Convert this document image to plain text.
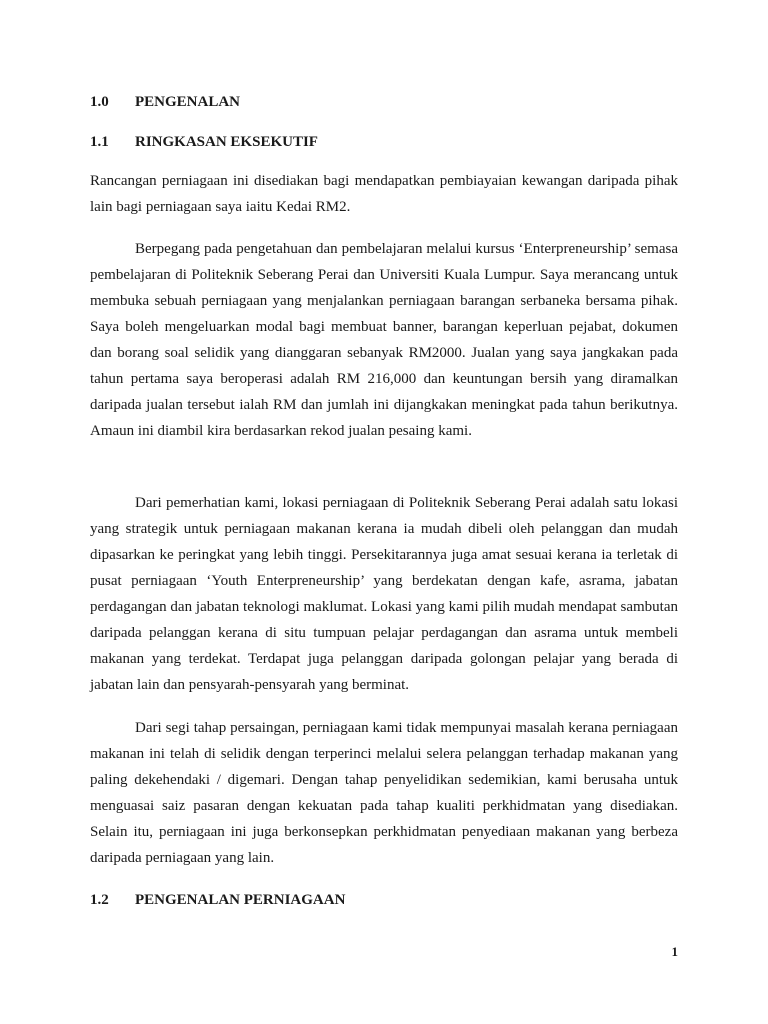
1.0 PENGENALAN
1.1 RINGKASAN EKSEKUTIF

Rancangan perniagaan ini disediakan bagi mendapatkan pembiayaian kewangan daripada pihak lain bagi perniagaan saya iaitu Kedai RM2.

Berpegang pada pengetahuan dan pembelajaran melalui kursus ‘Enterpreneurship’ semasa pembelajaran di Politeknik Seberang Perai dan Universiti Kuala Lumpur. Saya merancang untuk membuka sebuah perniagaan yang menjalankan perniagaan barangan serbaneka bersama pihak. Saya boleh mengeluarkan modal bagi membuat banner, barangan keperluan pejabat, dokumen dan borang soal selidik yang dianggaran sebanyak RM2000. Jualan yang saya jangkakan pada tahun pertama saya beroperasi adalah RM 216,000 dan keuntungan bersih yang diramalkan daripada jualan tersebut ialah RM dan jumlah ini dijangkakan meningkat pada tahun berikutnya. Amaun ini diambil kira berdasarkan rekod jualan pesaing kami.

Dari pemerhatian kami, lokasi perniagaan di Politeknik Seberang Perai adalah satu lokasi yang strategik untuk perniagaan makanan kerana ia mudah dibeli oleh pelanggan dan mudah dipasarkan ke peringkat yang lebih tinggi. Persekitarannya juga amat sesuai kerana ia terletak di pusat perniagaan ‘Youth Enterpreneurship’ yang berdekatan dengan kafe, asrama, jabatan perdagangan dan jabatan teknologi maklumat. Lokasi yang kami pilih mudah mendapat sambutan daripada pelanggan kerana di situ tumpuan pelajar perdagangan dan asrama untuk membeli makanan yang terdekat. Terdapat juga pelanggan daripada golongan pelajar yang berada di jabatan lain dan pensyarah-pensyarah yang berminat.

Dari segi tahap persaingan, perniagaan kami tidak mempunyai masalah kerana perniagaan makanan ini telah di selidik dengan terperinci melalui selera pelanggan terhadap makanan yang paling dekehendaki / digemari. Dengan tahap penyelidikan sedemikian, kami berusaha untuk menguasai saiz pasaran dengan kekuatan pada tahap kualiti perkhidmatan yang disediakan. Selain itu, perniagaan ini juga berkonsepkan perkhidmatan penyediaan makanan yang berbeza daripada perniagaan yang lain.

1.2 PENGENALAN PERNIAGAAN
1
